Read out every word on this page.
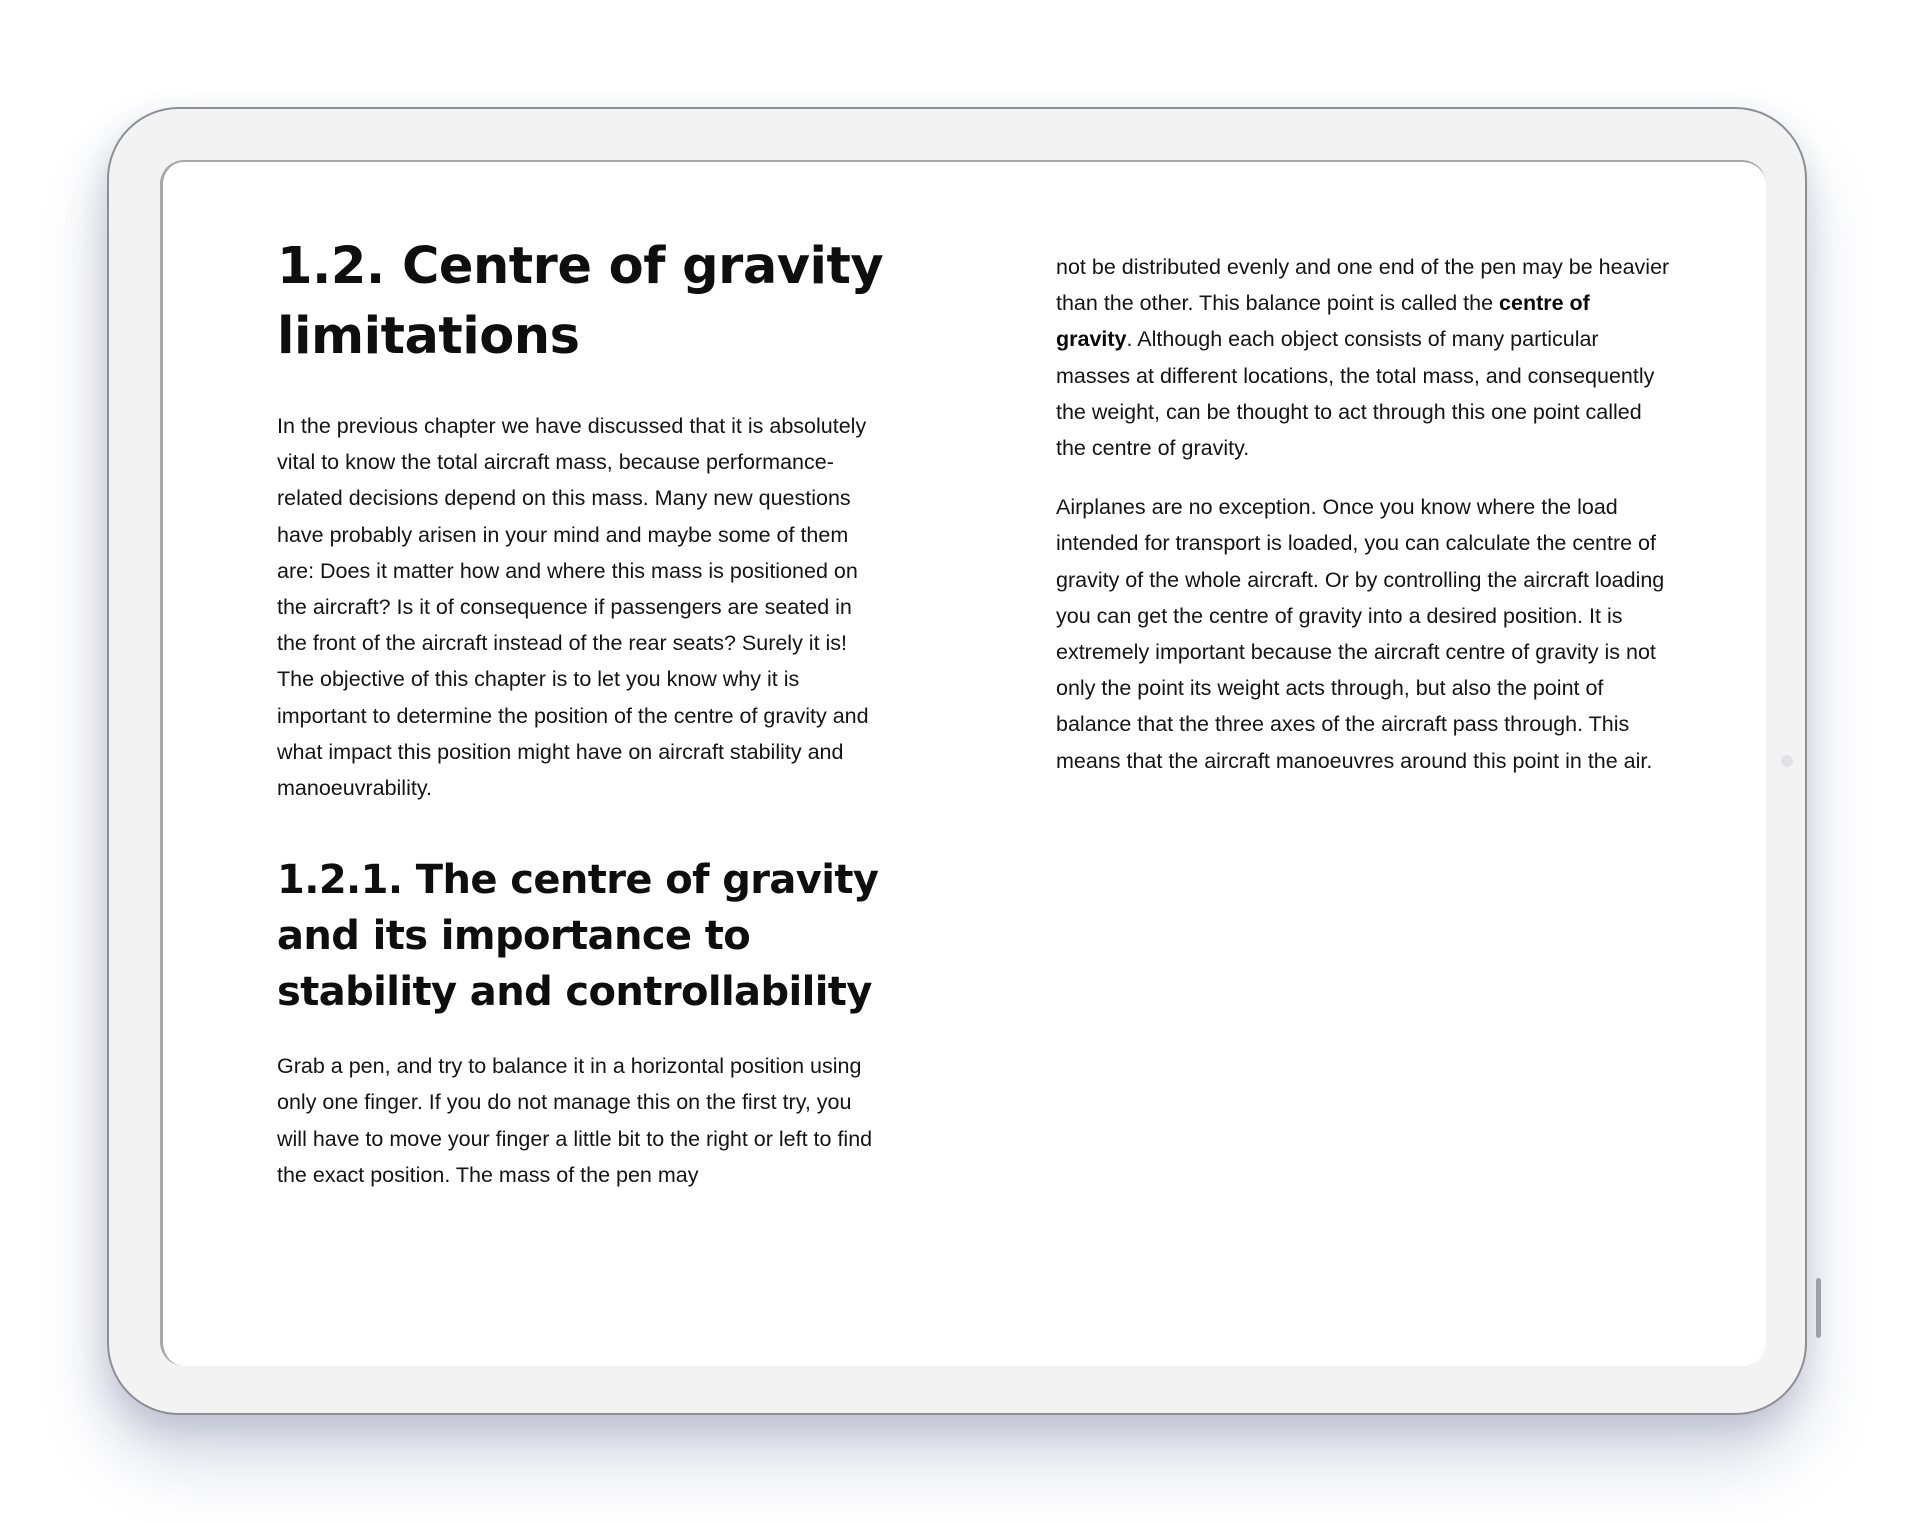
1.2. Centre of gravity limitations

In the previous chapter we have discussed that it is absolutely vital to know the total aircraft mass, because performance-related decisions depend on this mass. Many new questions have probably arisen in your mind and maybe some of them are: Does it matter how and where this mass is positioned on the aircraft? Is it of consequence if passengers are seated in the front of the aircraft instead of the rear seats? Surely it is! The objective of this chapter is to let you know why it is important to determine the position of the centre of gravity and what impact this position might have on aircraft stability and manoeuvrability.

1.2.1. The centre of gravity and its importance to stability and controllability

Grab a pen, and try to balance it in a horizontal position using only one finger. If you do not manage this on the first try, you will have to move your finger a little bit to the right or left to find the exact position. The mass of the pen may

not be distributed evenly and one end of the pen may be heavier than the other. This balance point is called the centre of gravity. Although each object consists of many particular masses at different locations, the total mass, and consequently the weight, can be thought to act through this one point called the centre of gravity.

Airplanes are no exception. Once you know where the load intended for transport is loaded, you can calculate the centre of gravity of the whole aircraft. Or by controlling the aircraft loading you can get the centre of gravity into a desired position. It is extremely important because the aircraft centre of gravity is not only the point its weight acts through, but also the point of balance that the three axes of the aircraft pass through. This means that the aircraft manoeuvres around this point in the air.
